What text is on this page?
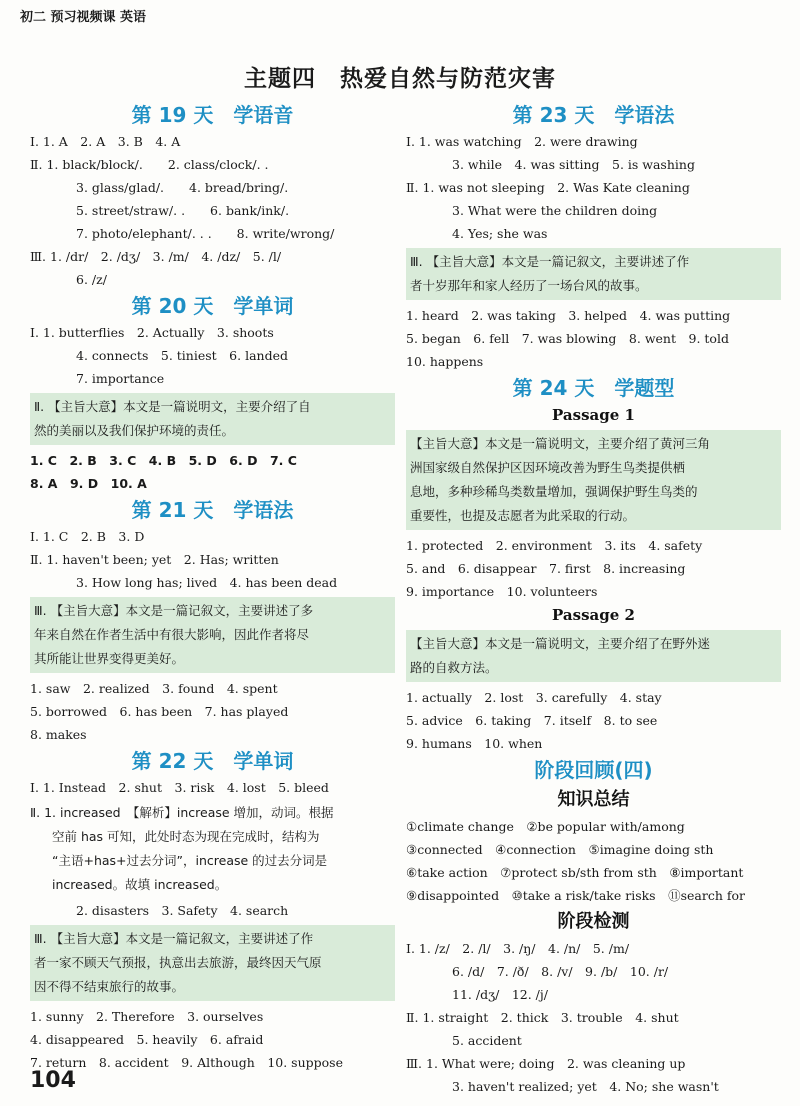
初二 预习视频课 英语
主题四　热爱自然与防范灾害
第 19 天　学语音
Ⅰ. 1. A　2. A　3. B　4. A
Ⅱ. 1. black/block/.　　2. class/clock/. .
3. glass/glad/.　　4. bread/bring/.
5. street/straw/. .　　6. bank/ink/.
7. photo/elephant/. . .　　8. write/wrong/
Ⅲ. 1. /dr/　2. /dʒ/　3. /m/　4. /dz/　5. /l/
6. /z/
第 20 天　学单词
Ⅰ. 1. butterflies　2. Actually　3. shoots
4. connects　5. tiniest　6. landed
7. importance
Ⅱ. 【主旨大意】本文是一篇说明文，主要介绍了自
然的美丽以及我们保护环境的责任。
1. C　2. B　3. C　4. B　5. D　6. D　7. C
8. A　9. D　10. A
第 21 天　学语法
Ⅰ. 1. C　2. B　3. D
Ⅱ. 1. haven't been; yet　2. Has; written
3. How long has; lived　4. has been dead
Ⅲ. 【主旨大意】本文是一篇记叙文，主要讲述了多
年来自然在作者生活中有很大影响，因此作者将尽
其所能让世界变得更美好。
1. saw　2. realized　3. found　4. spent
5. borrowed　6. has been　7. has played
8. makes
第 22 天　学单词
Ⅰ. 1. Instead　2. shut　3. risk　4. lost　5. bleed
Ⅱ. 1. increased　【解析】increase 增加，动词。根据
空前 has 可知，此处时态为现在完成时，结构为
“主语+has+过去分词”，increase 的过去分词是
increased。故填 increased。
2. disasters　3. Safety　4. search
Ⅲ. 【主旨大意】本文是一篇记叙文，主要讲述了作
者一家不顾天气预报，执意出去旅游，最终因天气原
因不得不结束旅行的故事。
1. sunny　2. Therefore　3. ourselves
4. disappeared　5. heavily　6. afraid
7. return　8. accident　9. Although　10. suppose
第 23 天　学语法
Ⅰ. 1. was watching　2. were drawing
3. while　4. was sitting　5. is washing
Ⅱ. 1. was not sleeping　2. Was Kate cleaning
3. What were the children doing
4. Yes; she was
Ⅲ. 【主旨大意】本文是一篇记叙文，主要讲述了作
者十岁那年和家人经历了一场台风的故事。
1. heard　2. was taking　3. helped　4. was putting
5. began　6. fell　7. was blowing　8. went　9. told
10. happens
第 24 天　学题型
Passage 1
【主旨大意】本文是一篇说明文，主要介绍了黄河三角
洲国家级自然保护区因环境改善为野生鸟类提供栖
息地，多种珍稀鸟类数量增加，强调保护野生鸟类的
重要性，也提及志愿者为此采取的行动。
1. protected　2. environment　3. its　4. safety
5. and　6. disappear　7. first　8. increasing
9. importance　10. volunteers
Passage 2
【主旨大意】本文是一篇说明文，主要介绍了在野外迷
路的自救方法。
1. actually　2. lost　3. carefully　4. stay
5. advice　6. taking　7. itself　8. to see
9. humans　10. when
阶段回顾(四)
知识总结
①climate change　②be popular with/among
③connected　④connection　⑤imagine doing sth
⑥take action　⑦protect sb/sth from sth　⑧important
⑨disappointed　⑩take a risk/take risks　⑪search for
阶段检测
Ⅰ. 1. /z/　2. /l/　3. /ŋ/　4. /n/　5. /m/
6. /d/　7. /ð/　8. /v/　9. /b/　10. /r/
11. /dʒ/　12. /j/
Ⅱ. 1. straight　2. thick　3. trouble　4. shut
5. accident
Ⅲ. 1. What were; doing　2. was cleaning up
3. haven't realized; yet　4. No; she wasn't
104
